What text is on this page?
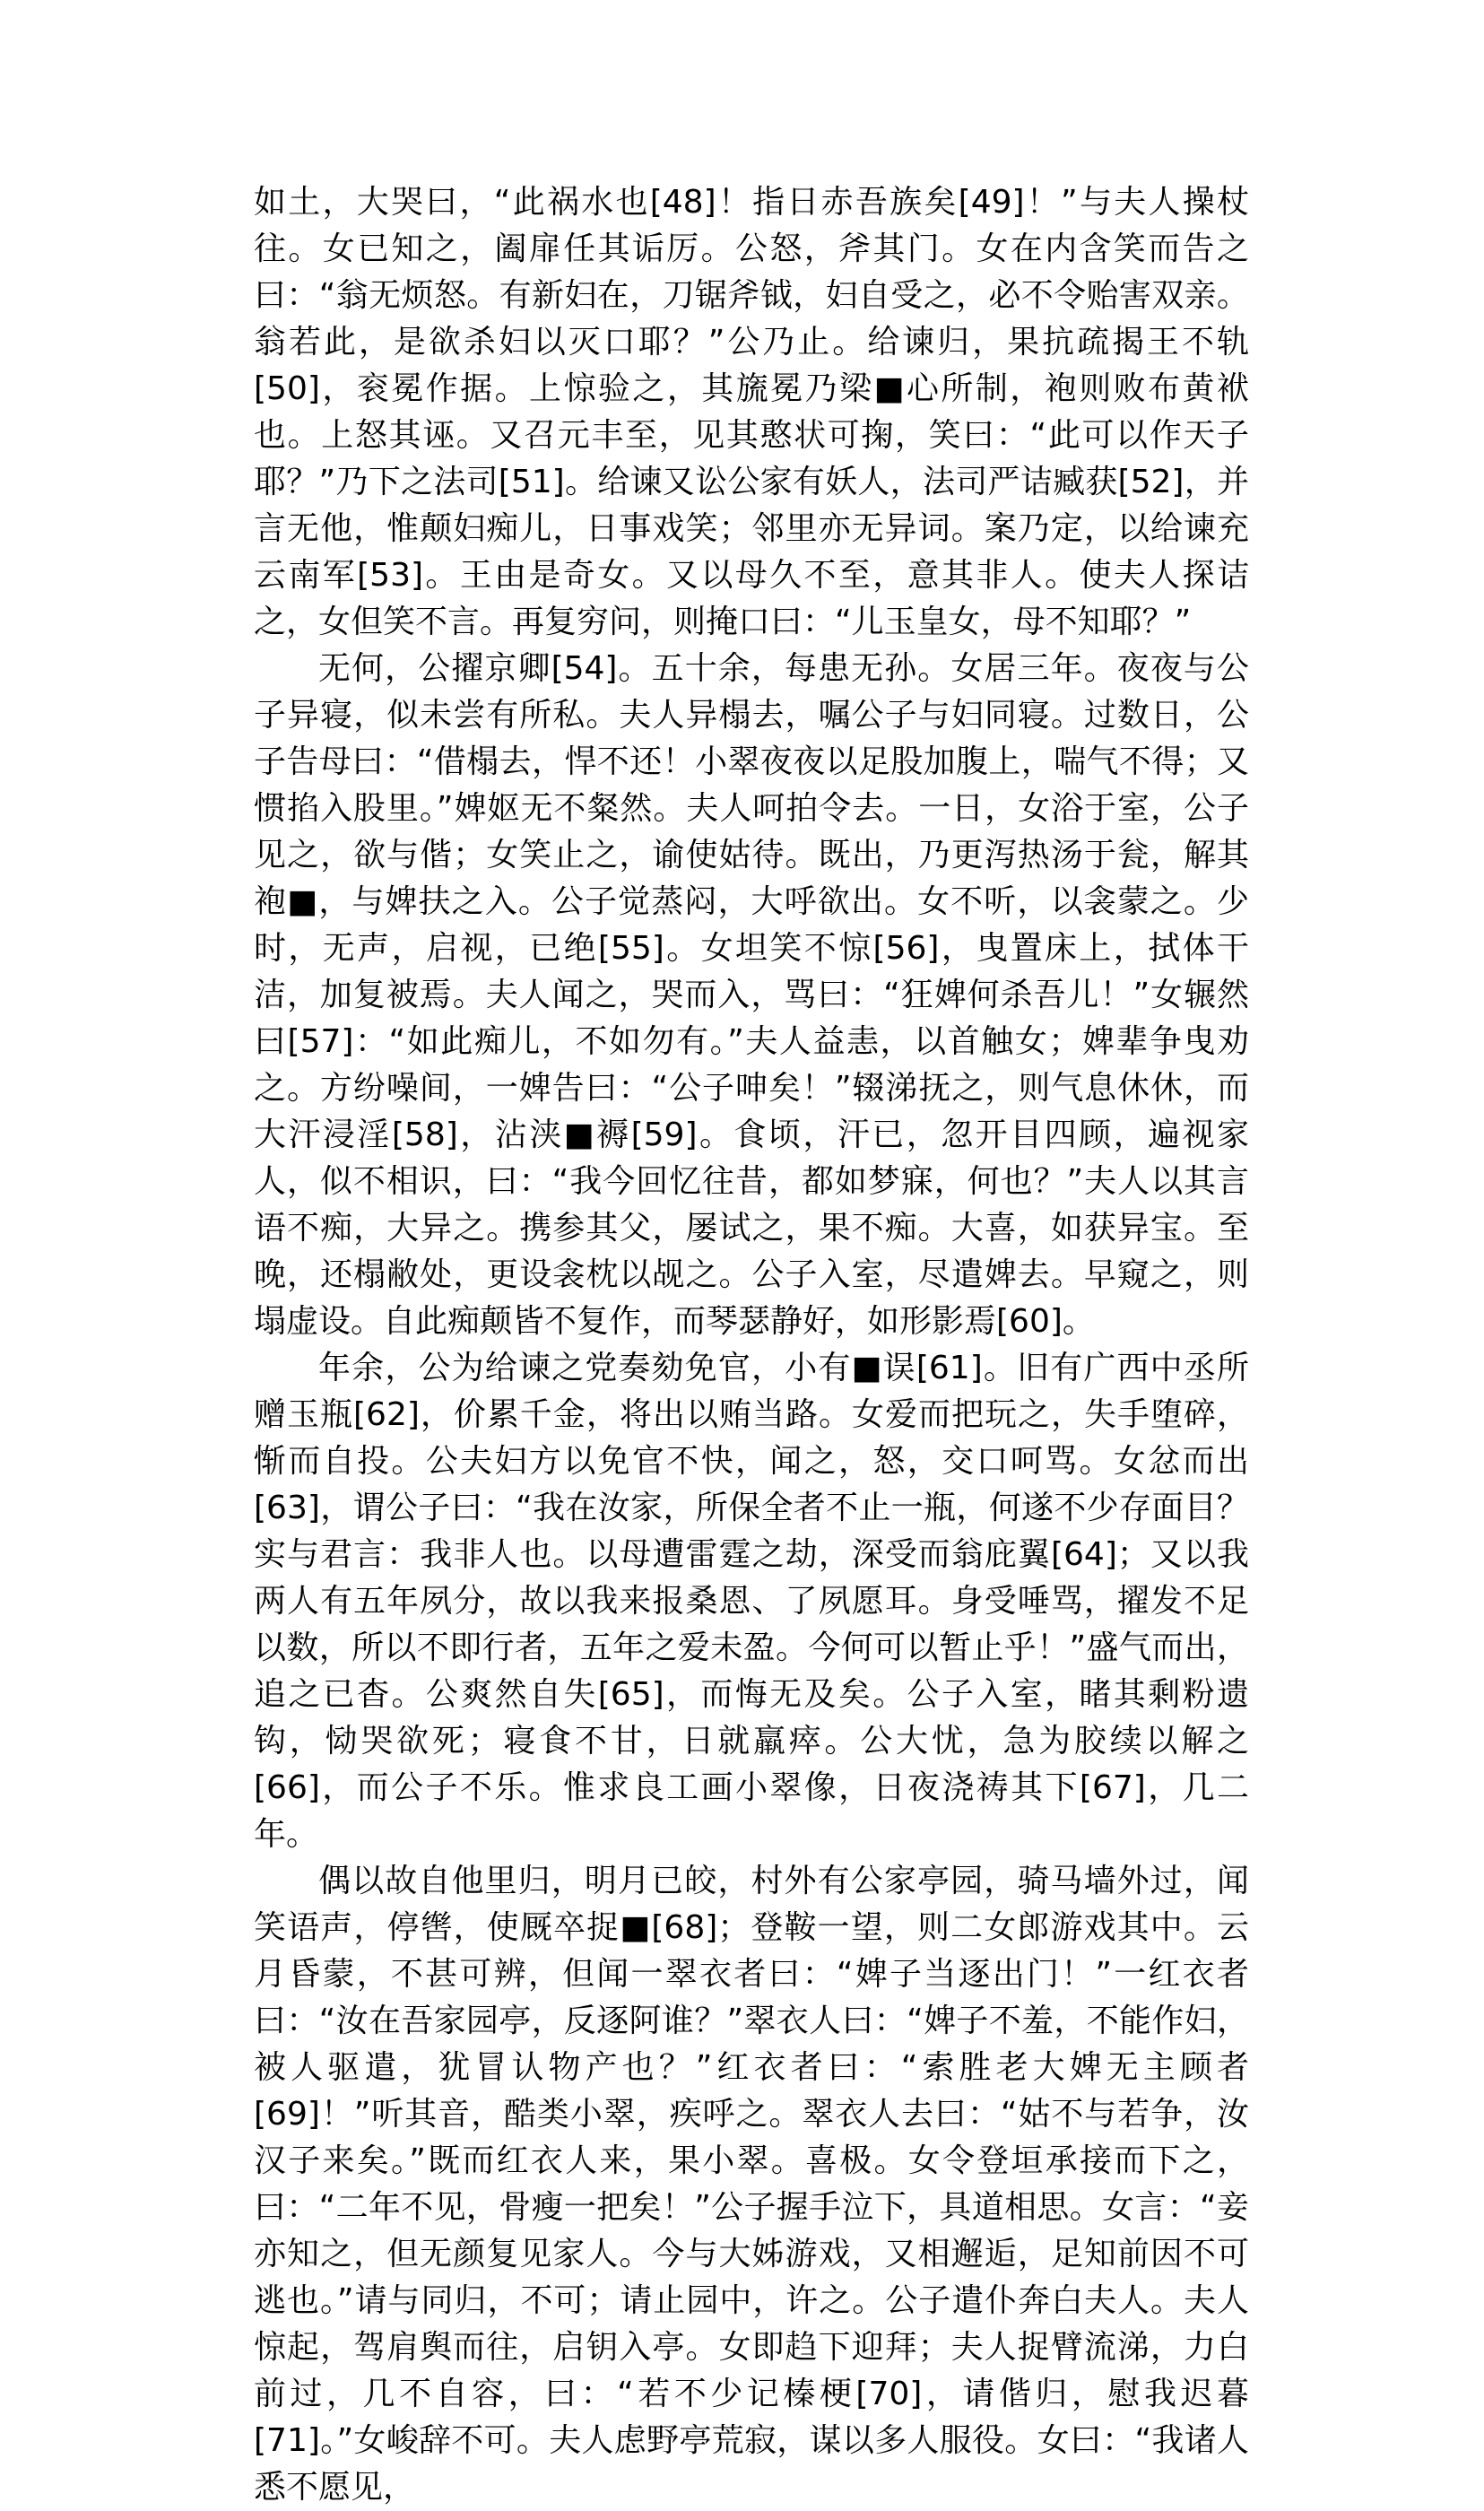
如土，大哭曰，“此祸水也[48]！指日赤吾族矣[49]！”与夫人操杖往。女已知之，阖扉任其诟厉。公怒，斧其门。女在内含笑而告之曰：“翁无烦怒。有新妇在，刀锯斧钺，妇自受之，必不令贻害双亲。翁若此，是欲杀妇以灭口耶？”公乃止。给谏归，果抗疏揭王不轨[50]，衮冕作据。上惊验之，其旒冕乃梁■心所制，袍则败布黄袱也。上怒其诬。又召元丰至，见其憨状可掬，笑曰：“此可以作天子耶？”乃下之法司[51]。给谏又讼公家有妖人，法司严诘臧获[52]，并言无他，惟颠妇痴儿，日事戏笑；邻里亦无异词。案乃定，以给谏充云南军[53]。王由是奇女。又以母久不至，意其非人。使夫人探诘之，女但笑不言。再复穷问，则掩口曰：“儿玉皇女，母不知耶？”

无何，公擢京卿[54]。五十余，每患无孙。女居三年。夜夜与公子异寝，似未尝有所私。夫人异榻去，嘱公子与妇同寝。过数日，公子告母曰：“借榻去，悍不还！小翠夜夜以足股加腹上，喘气不得；又惯掐入股里。”婢妪无不粲然。夫人呵拍令去。一日，女浴于室，公子见之，欲与偕；女笑止之，谕使姑待。既出，乃更泻热汤于瓮，解其袍■，与婢扶之入。公子觉蒸闷，大呼欲出。女不听，以衾蒙之。少时，无声，启视，已绝[55]。女坦笑不惊[56]，曳置床上，拭体干洁，加复被焉。夫人闻之，哭而入，骂曰：“狂婢何杀吾儿！”女辗然曰[57]：“如此痴儿，不如勿有。”夫人益恚，以首触女；婢辈争曳劝之。方纷噪间，一婢告曰：“公子呻矣！”辍涕抚之，则气息休休，而大汗浸淫[58]，沾浃■褥[59]。食顷，汗已，忽开目四顾，遍视家人，似不相识，曰：“我今回忆往昔，都如梦寐，何也？”夫人以其言语不痴，大异之。携参其父，屡试之，果不痴。大喜，如获异宝。至晚，还榻敝处，更设衾枕以觇之。公子入室，尽遣婢去。早窥之，则塌虚设。自此痴颠皆不复作，而琴瑟静好，如形影焉[60]。

年余，公为给谏之党奏劾免官，小有■误[61]。旧有广西中丞所赠玉瓶[62]，价累千金，将出以贿当路。女爱而把玩之，失手堕碎，惭而自投。公夫妇方以免官不快，闻之，怒，交口呵骂。女忿而出[63]，谓公子曰：“我在汝家，所保全者不止一瓶，何遂不少存面目？实与君言：我非人也。以母遭雷霆之劫，深受而翁庇翼[64]；又以我两人有五年夙分，故以我来报桑恩、了夙愿耳。身受唾骂，擢发不足以数，所以不即行者，五年之爱未盈。今何可以暂止乎！”盛气而出，追之已杳。公爽然自失[65]，而悔无及矣。公子入室，睹其剩粉遗钩，恸哭欲死；寝食不甘，日就羸瘁。公大忧，急为胶续以解之[66]，而公子不乐。惟求良工画小翠像，日夜浇祷其下[67]，几二年。

偶以故自他里归，明月已皎，村外有公家亭园，骑马墙外过，闻笑语声，停辔，使厩卒捉■[68]；登鞍一望，则二女郎游戏其中。云月昏蒙，不甚可辨，但闻一翠衣者曰：“婢子当逐出门！”一红衣者曰：“汝在吾家园亭，反逐阿谁？”翠衣人曰：“婢子不羞，不能作妇，被人驱遣，犹冒认物产也？”红衣者曰：“索胜老大婢无主顾者[69]！”听其音，酷类小翠，疾呼之。翠衣人去曰：“姑不与若争，汝汉子来矣。”既而红衣人来，果小翠。喜极。女令登垣承接而下之，曰：“二年不见，骨瘦一把矣！”公子握手泣下，具道相思。女言：“妾亦知之，但无颜复见家人。今与大姊游戏，又相邂逅，足知前因不可逃也。”请与同归，不可；请止园中，许之。公子遣仆奔白夫人。夫人惊起，驾肩舆而往，启钥入亭。女即趋下迎拜；夫人捉臂流涕，力白前过，几不自容，曰：“若不少记榛梗[70]，请偕归，慰我迟暮[71]。”女峻辞不可。夫人虑野亭荒寂，谋以多人服役。女曰：“我诸人悉不愿见，
